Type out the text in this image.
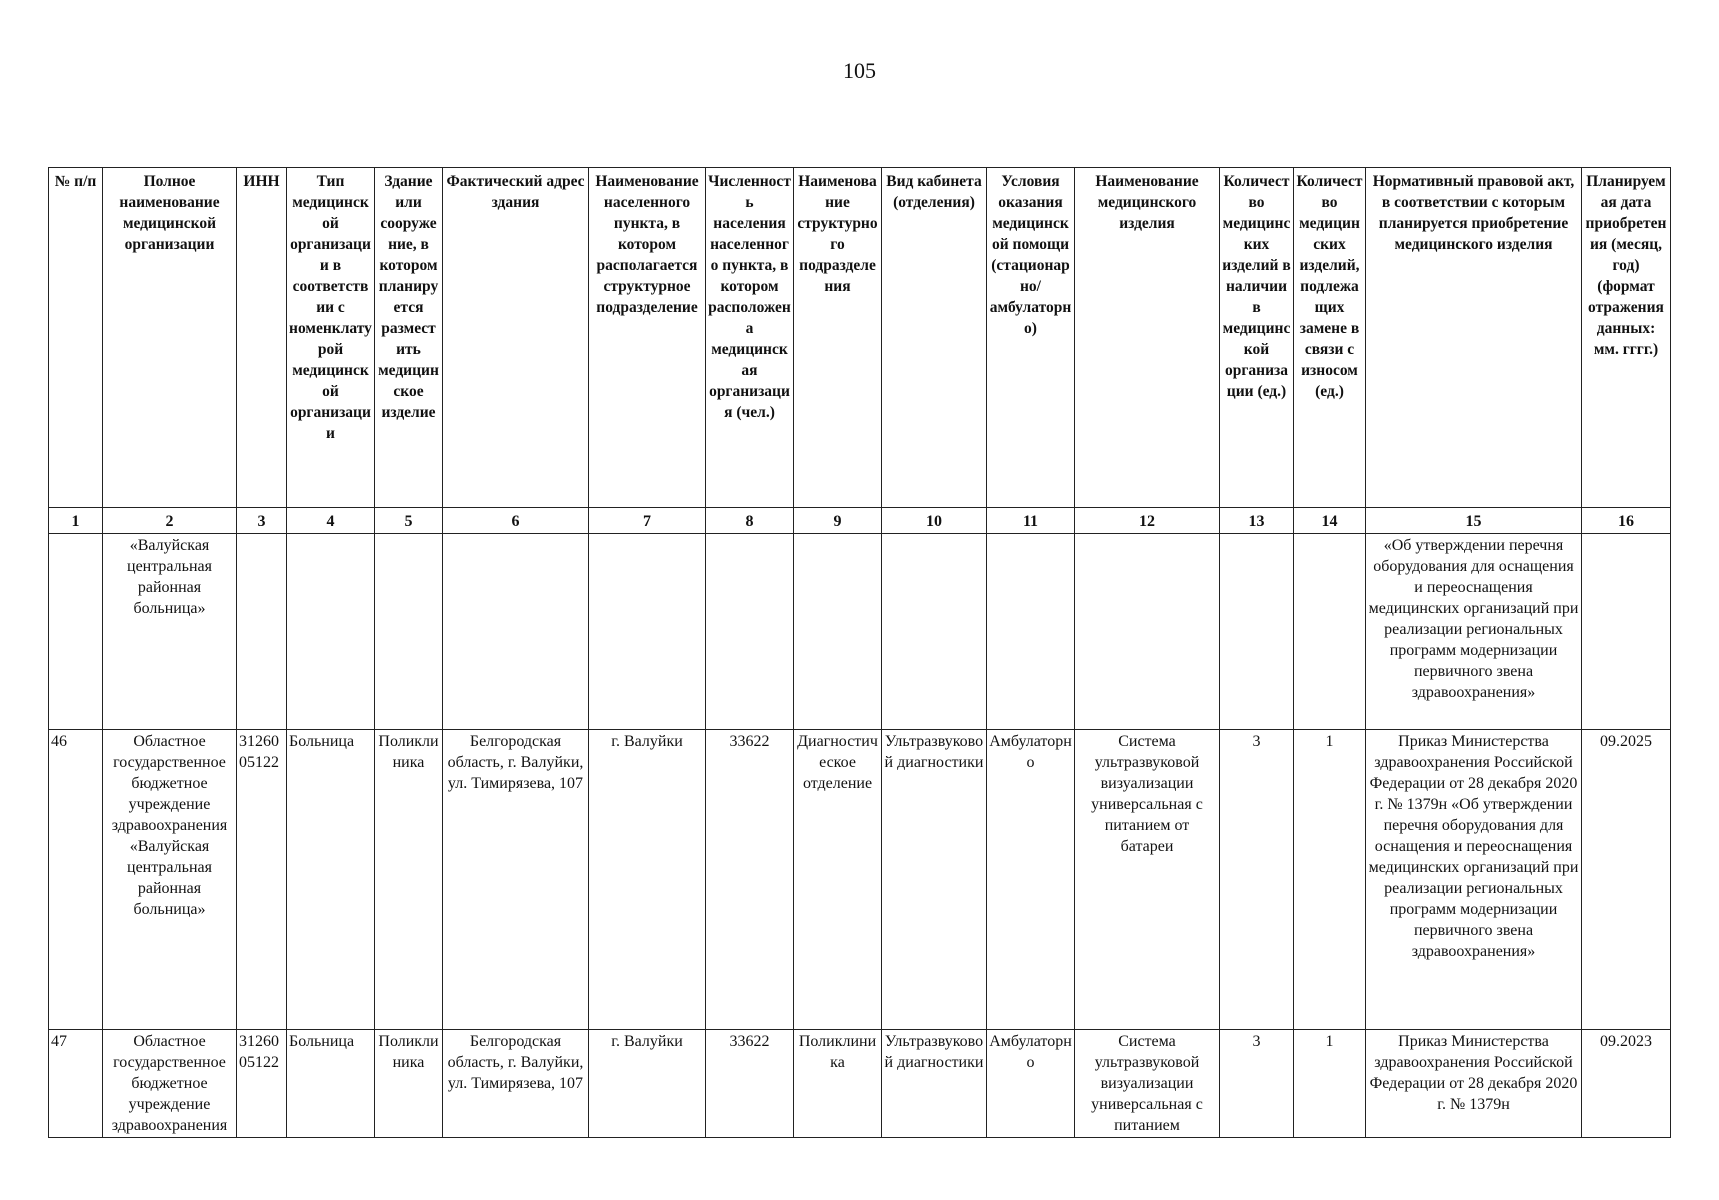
105
№ п/п	Полное наименование медицинской организации	ИНН	Тип медицинской организации в соответствии с номенклатурой медицинской организации	Здание или сооружение, в котором планируется разместить медицинское изделие	Фактический адрес здания	Наименование населенного пункта, в котором располагается структурное подразделение	Численность населения населенного пункта, в котором расположена медицинская организация (чел.)	Наименование структурного подразделения	Вид кабинета (отделения)	Условия оказания медицинской помощи (стационарно/ амбулаторно)	Наименование медицинского изделия	Количество медицинских изделий в наличии в медицинской организации (ед.)	Количество медицинских изделий, подлежащих замене в связи с износом (ед.)	Нормативный правовой акт, в соответствии с которым планируется приобретение медицинского изделия	Планируемая дата приобретения (месяц, год) (формат отражения данных: мм. гггг.)
1	2	3	4	5	6	7	8	9	10	11	12	13	14	15	16
	«Валуйская центральная районная больница»													«Об утверждении перечня оборудования для оснащения и переоснащения медицинских организаций при реализации региональных программ модернизации первичного звена здравоохранения»	
46	Областное государственное бюджетное учреждение здравоохранения «Валуйская центральная районная больница»	3126005122	Больница	Поликлиника	Белгородская область, г. Валуйки, ул. Тимирязева, 107	г. Валуйки	33622	Диагностическое отделение	Ультразвуковой диагностики	Амбулаторно	Система ультразвуковой визуализации универсальная с питанием от батареи	3	1	Приказ Министерства здравоохранения Российской Федерации от 28 декабря 2020 г. № 1379н «Об утверждении перечня оборудования для оснащения и переоснащения медицинских организаций при реализации региональных программ модернизации первичного звена здравоохранения»	09.2025
47	Областное государственное бюджетное учреждение здравоохранения	3126005122	Больница	Поликлиника	Белгородская область, г. Валуйки, ул. Тимирязева, 107	г. Валуйки	33622	Поликлиника	Ультразвуковой диагностики	Амбулаторно	Система ультразвуковой визуализации универсальная с питанием	3	1	Приказ Министерства здравоохранения Российской Федерации от 28 декабря 2020 г. № 1379н	09.2023
